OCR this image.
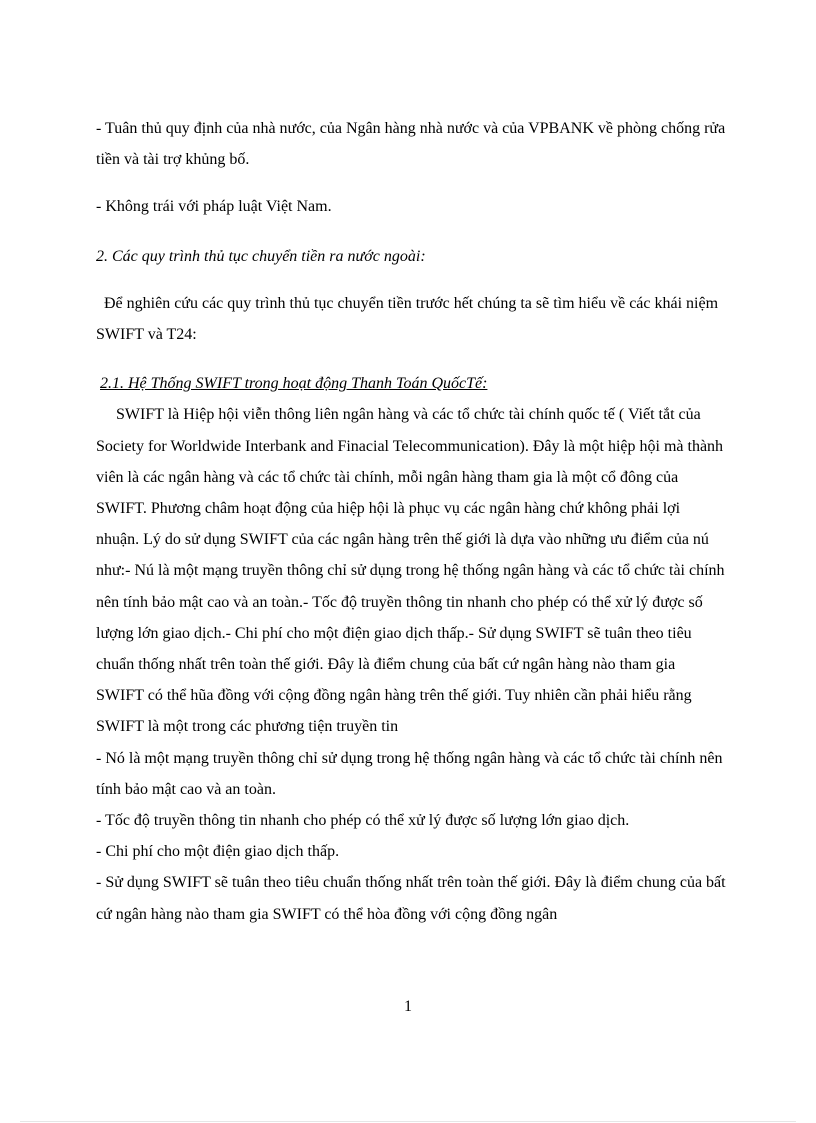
- Tuân thủ quy định của nhà nước, của Ngân hàng nhà nước và của VPBANK về phòng chống rửa tiền và tài trợ khủng bố.

- Không trái với pháp luật Việt Nam.

2. Các quy trình thủ tục chuyển tiền ra nước ngoài:

Để nghiên cứu các quy trình thủ tục chuyển tiền trước hết chúng ta sẽ tìm hiểu về các khái niệm SWIFT và T24:

2.1. Hệ Thống SWIFT trong hoạt động Thanh Toán QuốcTế:

SWIFT là Hiệp hội viễn thông liên ngân hàng và các tổ chức tài chính quốc tế ( Viết tắt của Society for Worldwide Interbank and Finacial Telecommunication). Đây là một hiệp hội mà thành viên là các ngân hàng và các tổ chức tài chính, mỗi ngân hàng tham gia là một cổ đông của SWIFT. Phương châm hoạt động của hiệp hội là phục vụ các ngân hàng chứ không phải lợi nhuận. Lý do sử dụng SWIFT của các ngân hàng trên thế giới là dựa vào những ưu điểm của nú như:- Nú là một mạng truyền thông chỉ sử dụng trong hệ thống ngân hàng và các tổ chức tài chính nên tính bảo mật cao và an toàn.- Tốc độ truyền thông tin nhanh cho phép có thể xử lý được số lượng lớn giao dịch.- Chi phí cho một điện giao dịch thấp.- Sử dụng SWIFT sẽ tuân theo tiêu chuẩn thống nhất trên toàn thế giới. Đây là điểm chung của bất cứ ngân hàng nào tham gia SWIFT có thể hũa đồng với cộng đồng ngân hàng trên thế giới. Tuy nhiên cần phải hiểu rằng SWIFT là một trong các phương tiện truyền tin

- Nó là một mạng truyền thông chỉ sử dụng trong hệ thống ngân hàng và các tổ chức tài chính nên tính bảo mật cao và an toàn.

- Tốc độ truyền thông tin nhanh cho phép có thể xử lý được số lượng lớn giao dịch.

- Chi phí cho một điện giao dịch thấp.

- Sử dụng SWIFT sẽ tuân theo tiêu chuẩn thống nhất trên toàn thế giới. Đây là điểm chung của bất cứ ngân hàng nào tham gia SWIFT có thể hòa đồng với cộng đồng ngân

1
